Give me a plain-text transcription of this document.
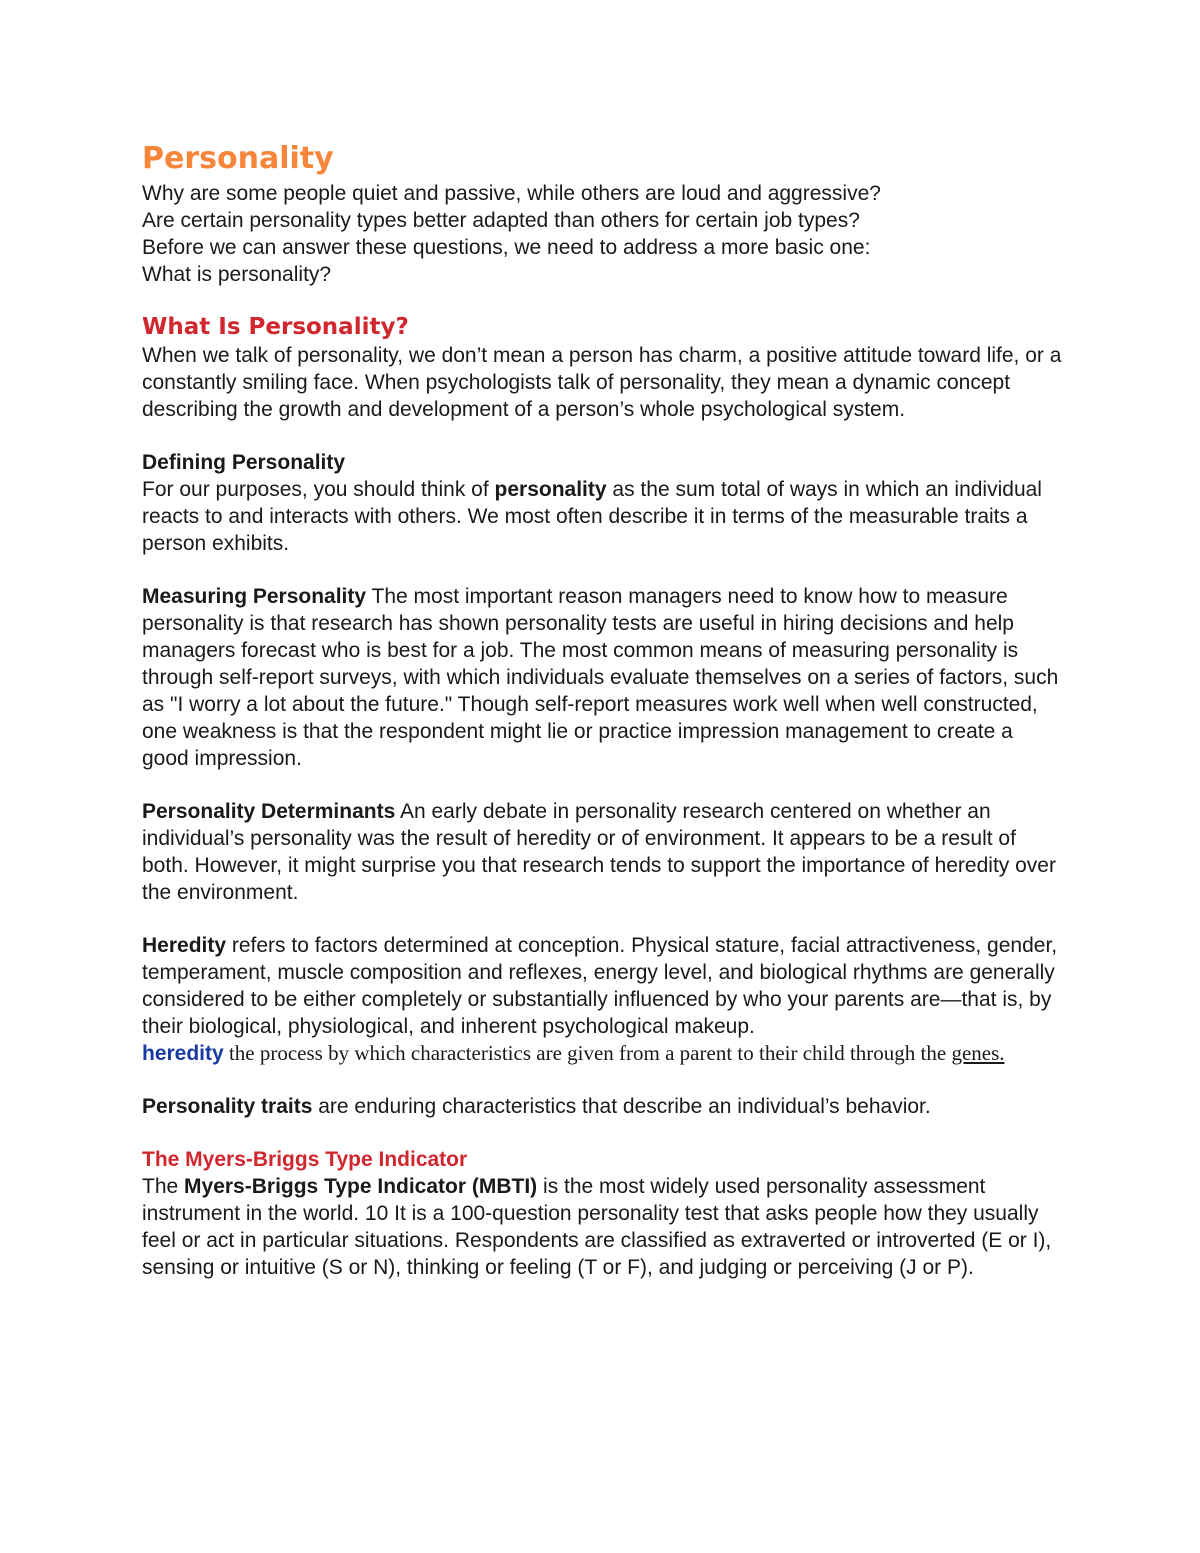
Personality

Why are some people quiet and passive, while others are loud and aggressive?

Are certain personality types better adapted than others for certain job types?

Before we can answer these questions, we need to address a more basic one:

What is personality?

What Is Personality?

When we talk of personality, we don’t mean a person has charm, a positive attitude toward life, or a constantly smiling face. When psychologists talk of personality, they mean a dynamic concept describing the growth and development of a person’s whole psychological system.

Defining Personality

For our purposes, you should think of personality as the sum total of ways in which an individual reacts to and interacts with others. We most often describe it in terms of the measurable traits a person exhibits.

Measuring Personality The most important reason managers need to know how to measure personality is that research has shown personality tests are useful in hiring decisions and help managers forecast who is best for a job. The most common means of measuring personality is through self-report surveys, with which individuals evaluate themselves on a series of factors, such as "I worry a lot about the future." Though self-report measures work well when well constructed, one weakness is that the respondent might lie or practice impression management to create a good impression.

Personality Determinants An early debate in personality research centered on whether an individual’s personality was the result of heredity or of environment. It appears to be a result of both. However, it might surprise you that research tends to support the importance of heredity over the environment.

Heredity refers to factors determined at conception. Physical stature, facial attractiveness, gender, temperament, muscle composition and reflexes, energy level, and biological rhythms are generally considered to be either completely or substantially influenced by who your parents are—that is, by their biological, physiological, and inherent psychological makeup.

heredity the process by which characteristics are given from a parent to their child through the genes.

Personality traits are enduring characteristics that describe an individual’s behavior.

The Myers-Briggs Type Indicator

The Myers-Briggs Type Indicator (MBTI) is the most widely used personality assessment instrument in the world. 10 It is a 100-question personality test that asks people how they usually feel or act in particular situations. Respondents are classified as extraverted or introverted (E or I), sensing or intuitive (S or N), thinking or feeling (T or F), and judging or perceiving (J or P).
